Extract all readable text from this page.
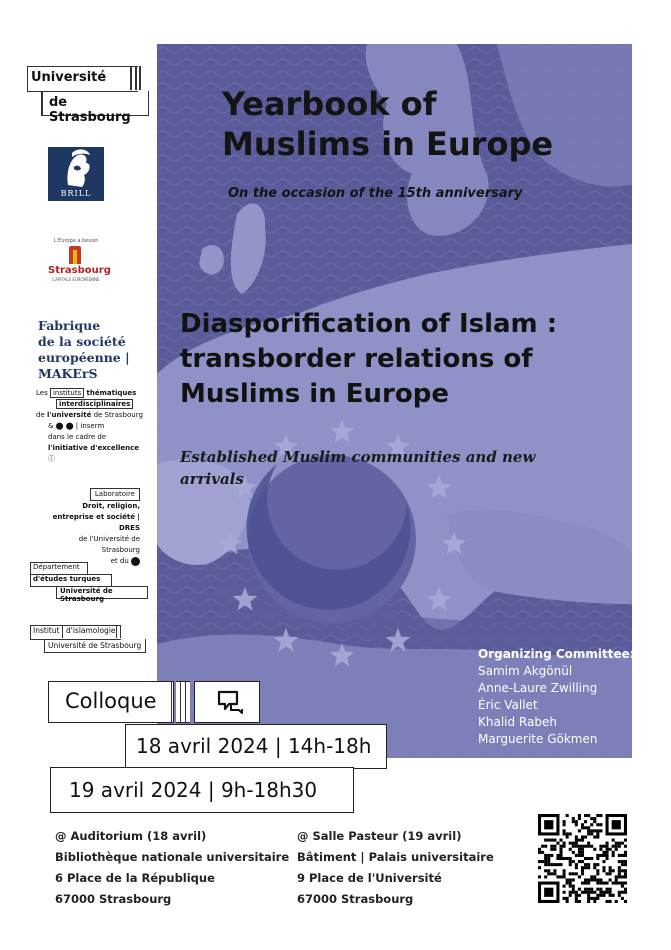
Université
de Strasbourg
BRILL
L'Europe a besoin
Strasbourg
CAPITALE EUROPÉENNE
Fabrique
de la société
européenne |
MAKErS
Les instituts thématiques
interdisciplinaires
de l'université de Strasbourg
& ⬤ ⬤ | inserm
dans le cadre de
l'initiative d'excellence ⓘ
Laboratoire
Droit, religion,
entreprise et société | DRES
de l'Université de Strasbourg
et du
Département
d'études turques
Université de Strasbourg
Institut d'islamologie
Université de Strasbourg
Yearbook of
Muslims in Europe
On the occasion of the 15th anniversary
Diasporification of Islam :
transborder relations of
Muslims in Europe
Established Muslim communities and new arrivals
Organizing Committee:
Samim Akgönül
Anne-Laure Zwilling
Éric Vallet
Khalid Rabeh
Marguerite Gökmen
Colloque
18 avril 2024 | 14h-18h
19 avril 2024 | 9h-18h30
@ Auditorium (18 avril)
Bibliothèque nationale universitaire
6 Place de la République
67000 Strasbourg
@ Salle Pasteur (19 avril)
Bâtiment | Palais universitaire
9 Place de l'Université
67000 Strasbourg
